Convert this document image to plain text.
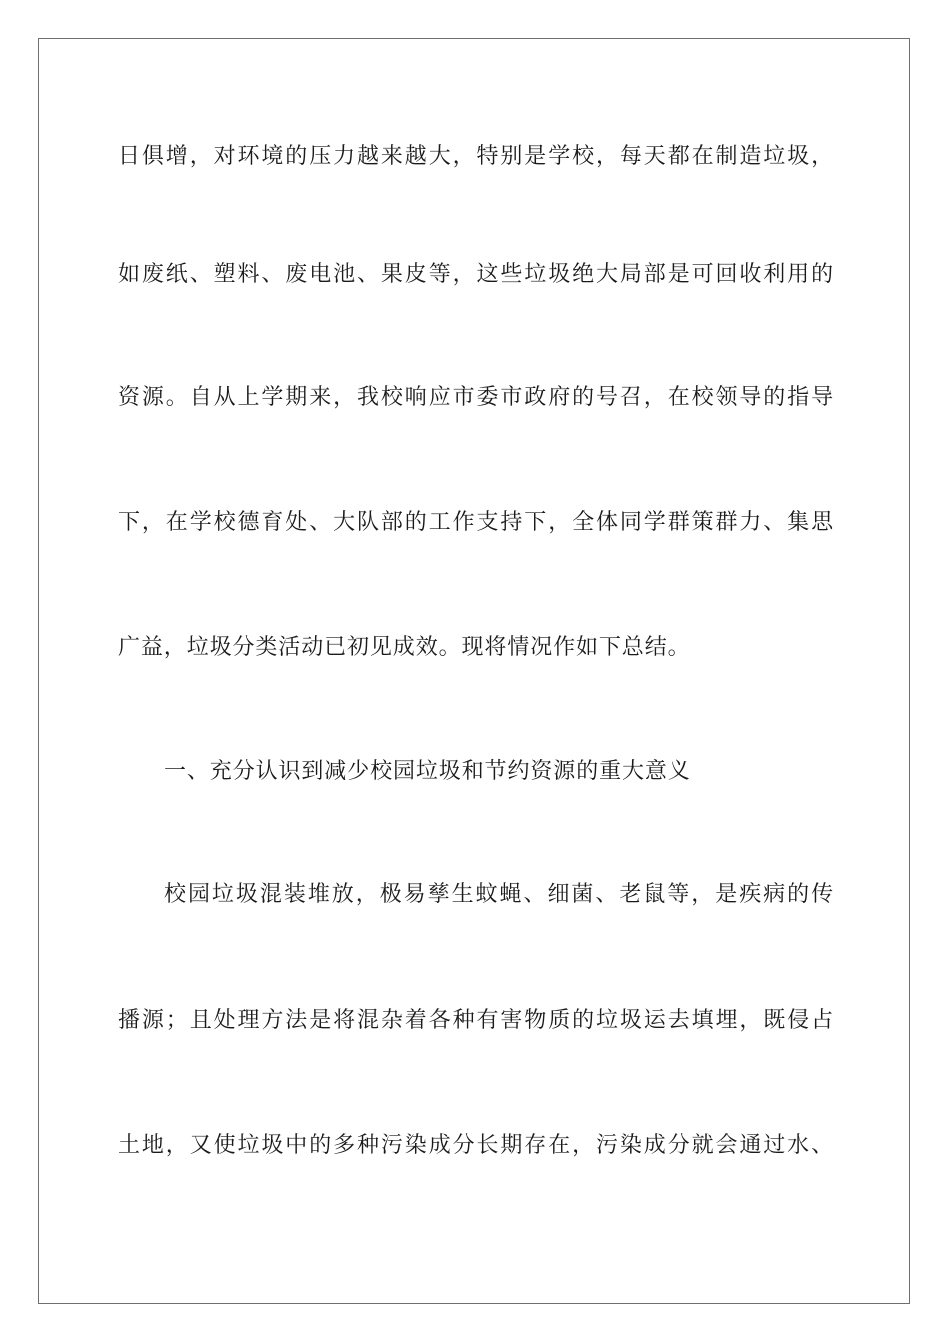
日俱增，对环境的压力越来越大，特别是学校，每天都在制造垃圾，
如废纸、塑料、废电池、果皮等，这些垃圾绝大局部是可回收利用的
资源。自从上学期来，我校响应市委市政府的号召，在校领导的指导
下，在学校德育处、大队部的工作支持下，全体同学群策群力、集思
广益，垃圾分类活动已初见成效。现将情况作如下总结。
一、充分认识到减少校园垃圾和节约资源的重大意义
校园垃圾混装堆放，极易孳生蚊蝇、细菌、老鼠等，是疾病的传
播源；且处理方法是将混杂着各种有害物质的垃圾运去填埋，既侵占
土地，又使垃圾中的多种污染成分长期存在，污染成分就会通过水、
